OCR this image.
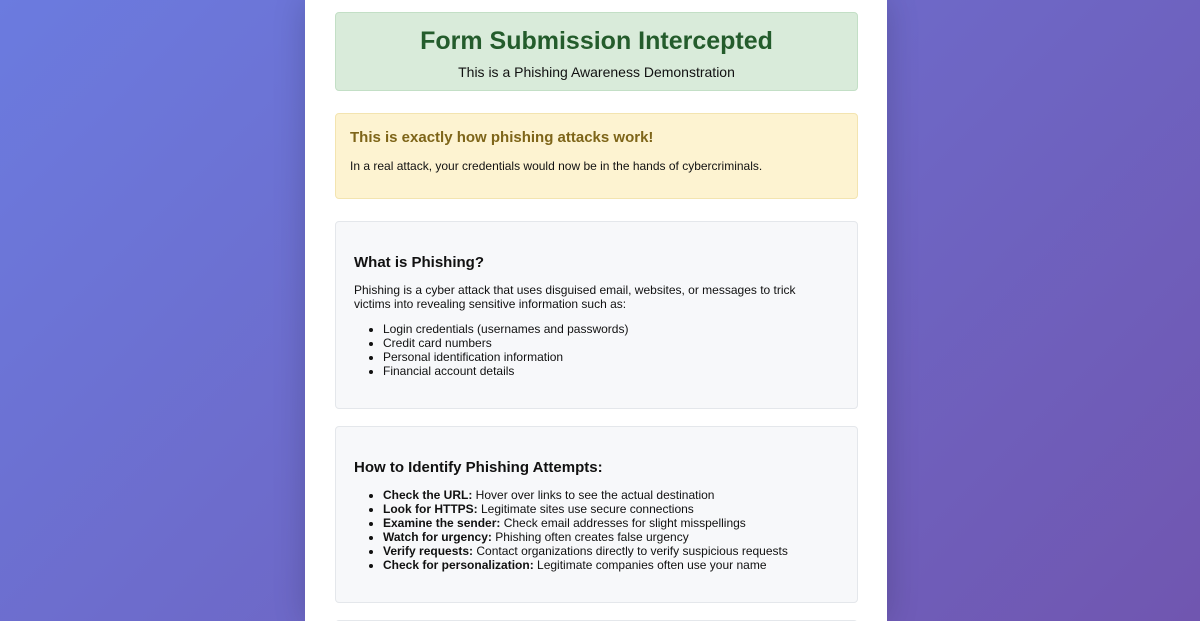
Form Submission Intercepted

This is a Phishing Awareness Demonstration

This is exactly how phishing attacks work!

In a real attack, your credentials would now be in the hands of cybercriminals.

What is Phishing?

Phishing is a cyber attack that uses disguised email, websites, or messages to trick victims into revealing sensitive information such as:

• Login credentials (usernames and passwords)
• Credit card numbers
• Personal identification information
• Financial account details
How to Identify Phishing Attempts:
• Check the URL: Hover over links to see the actual destination
• Look for HTTPS: Legitimate sites use secure connections
• Examine the sender: Check email addresses for slight misspellings
• Watch for urgency: Phishing often creates false urgency
• Verify requests: Contact organizations directly to verify suspicious requests
• Check for personalization: Legitimate companies often use your name
